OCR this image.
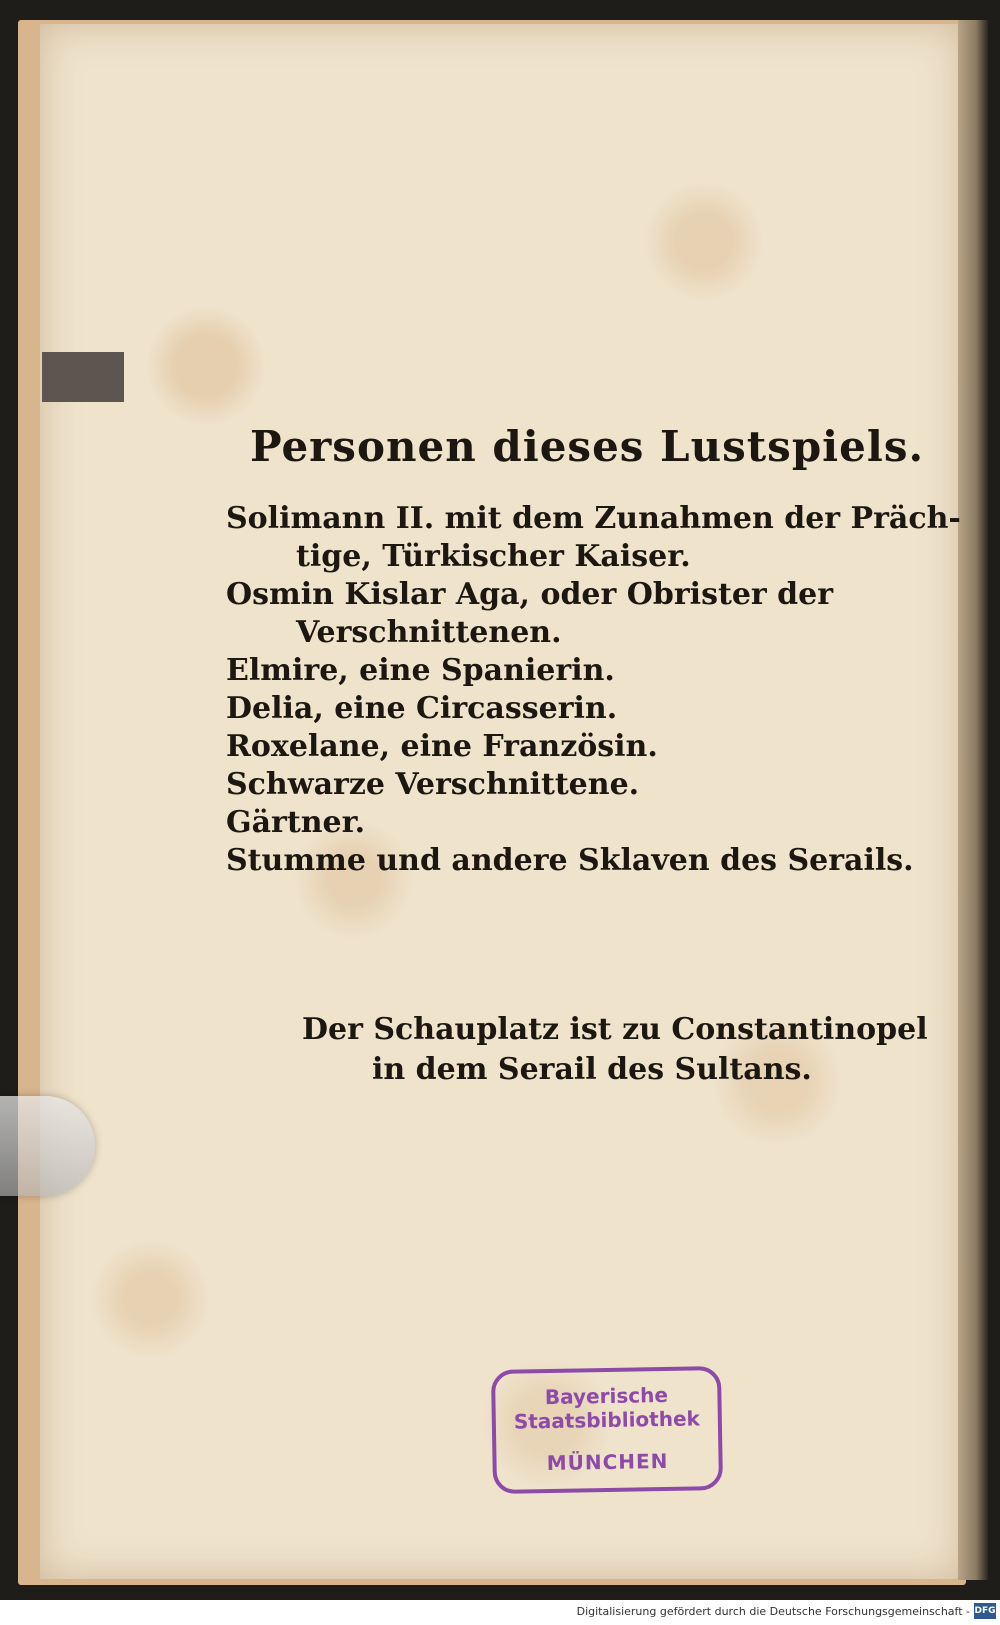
Personen dieses Lustspiels.
Solimann II. mit dem Zunahmen der Präch-
tige, Türkischer Kaiser.
Osmin Kislar Aga, oder Obrister der
Verschnittenen.
Elmire, eine Spanierin.
Delia, eine Circasserin.
Roxelane, eine Französin.
Schwarze Verschnittene.
Gärtner.
Stumme und andere Sklaven des Serails.
Der Schauplatz ist zu Constantinopel
in dem Serail des Sultans.
Bayerische
Staatsbibliothek
MÜNCHEN
Digitalisierung gefördert durch die Deutsche Forschungsgemeinschaft - DFG
